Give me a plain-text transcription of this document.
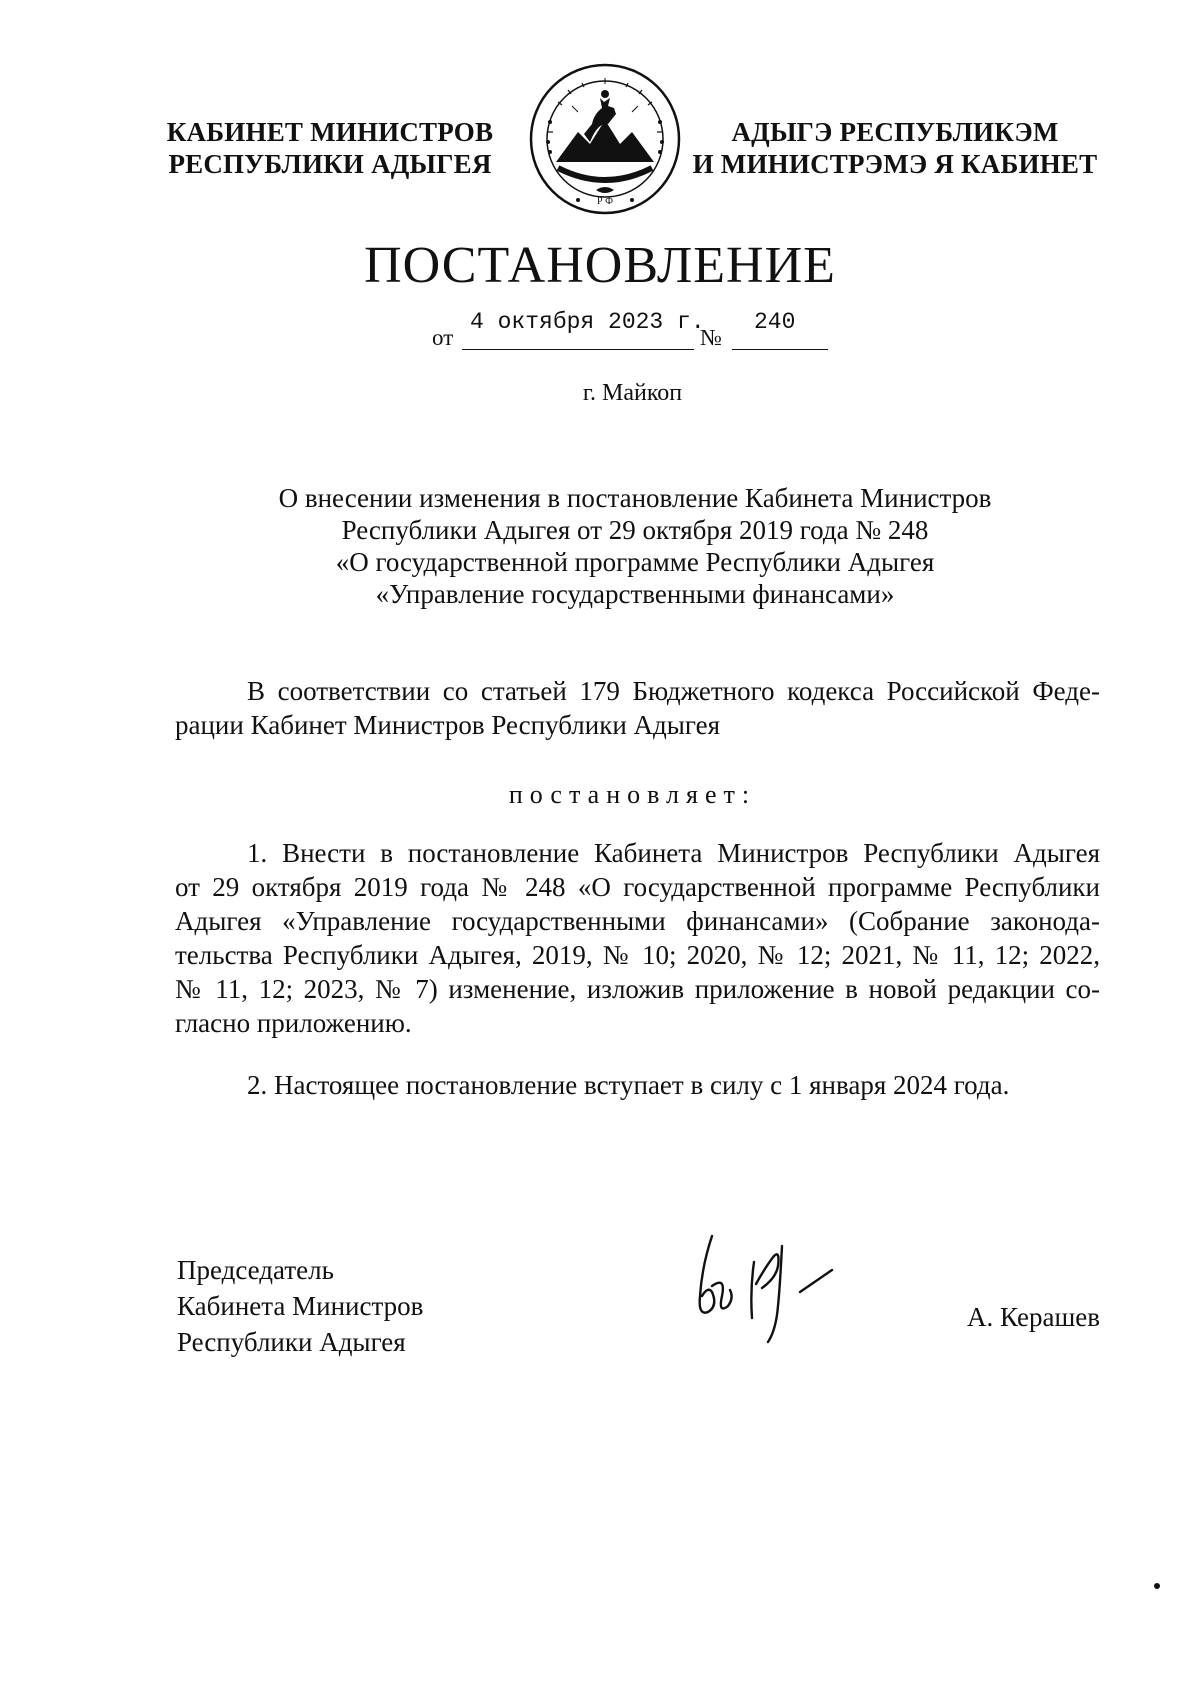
КАБИНЕТ МИНИСТРОВ
РЕСПУБЛИКИ АДЫГЕЯ
Р Ф
АДЫГЭ РЕСПУБЛИКЭМ
И МИНИСТРЭМЭ Я КАБИНЕТ
ПОСТАНОВЛЕНИЕ
от
4 октября 2023 г.
№
240
г. Майкоп
О внесении изменения в постановление Кабинета Министров
Республики Адыгея от 29 октября 2019 года № 248
«О государственной программе Республики Адыгея
«Управление государственными финансами»
В соответствии со статьей 179 Бюджетного кодекса Российской Феде-
рации Кабинет Министров Республики Адыгея
постановляет:
1. Внести в постановление Кабинета Министров Республики Адыгея
от 29 октября 2019 года № 248 «О государственной программе Республики
Адыгея «Управление государственными финансами» (Собрание законода-
тельства Республики Адыгея, 2019, № 10; 2020, № 12; 2021, № 11, 12; 2022,
№ 11, 12; 2023, № 7) изменение, изложив приложение в новой редакции со-
гласно приложению.
2. Настоящее постановление вступает в силу с 1 января 2024 года.
Председатель
Кабинета Министров
Республики Адыгея
А. Керашев
